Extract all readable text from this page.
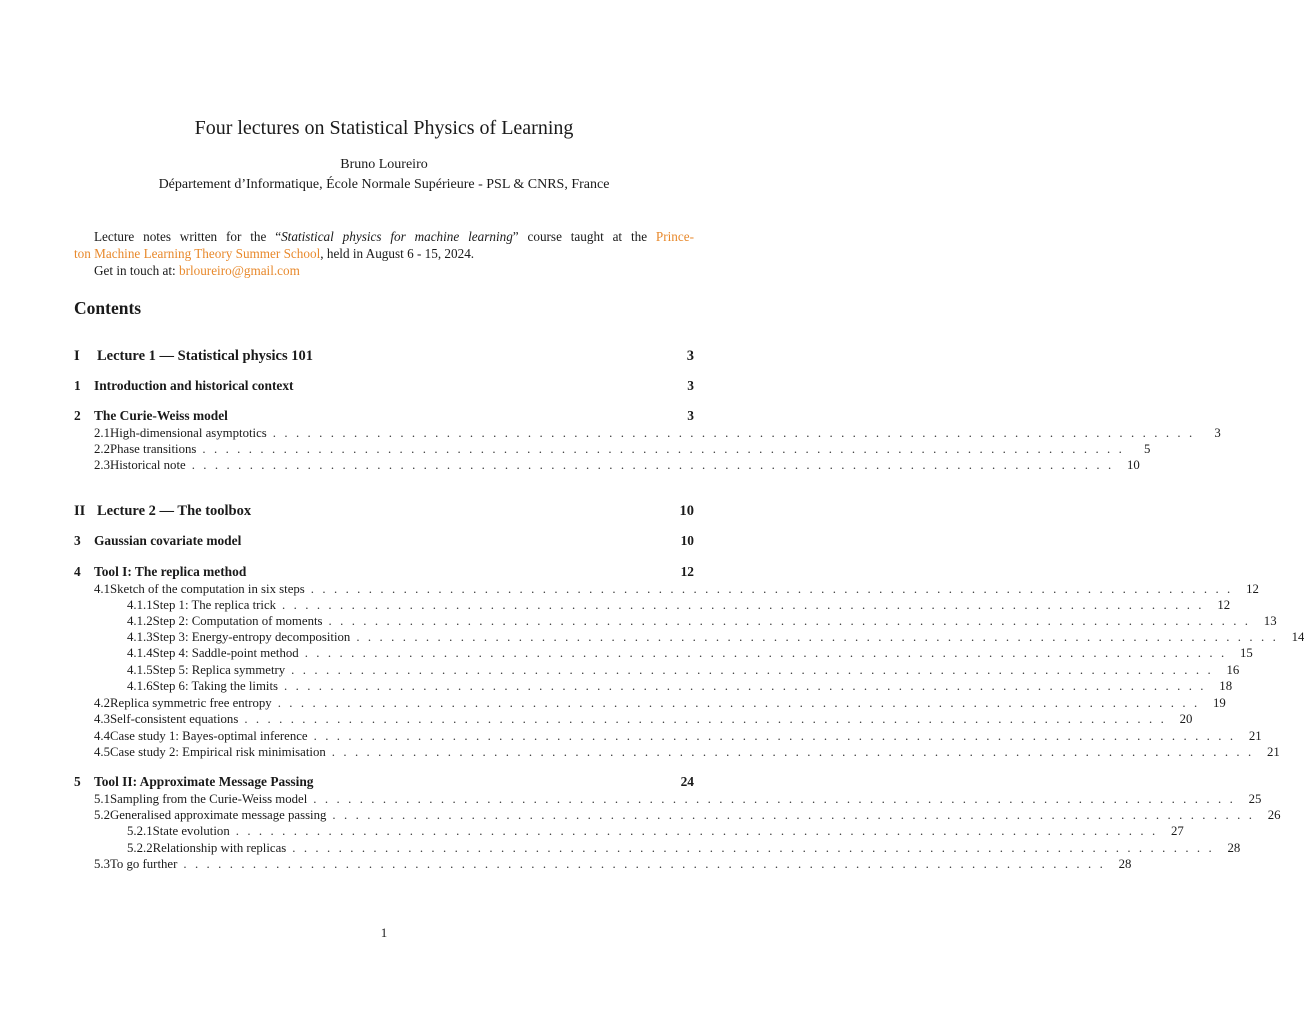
Four lectures on Statistical Physics of Learning
Bruno Loureiro
Département d’Informatique, École Normale Supérieure - PSL & CNRS, France
Lecture notes written for the “Statistical physics for machine learning” course taught at the Prince-
ton Machine Learning Theory Summer School, held in August 6 - 15, 2024.
Get in touch at: brloureiro@gmail.com
Contents
I	Lecture 1 — Statistical physics 101	3
1 Introduction and historical context	3
2 The Curie-Weiss model	3
2.1 High-dimensional asymptotics . . . . . . . . . . . . . . . . . . . . . . . . . . . . . . . . . . . . . . . . . . . . . . . . . . . . . . . . . . . . . . . . . . . . . . . . . . . . . . . .	3
2.2 Phase transitions . . . . . . . . . . . . . . . . . . . . . . . . . . . . . . . . . . . . . . . . . . . . . . . . . . . . . . . . . . . . . . . . . . . . . . . . . . . . . . . .	5
2.3 Historical note . . . . . . . . . . . . . . . . . . . . . . . . . . . . . . . . . . . . . . . . . . . . . . . . . . . . . . . . . . . . . . . . . . . . . . . . . . . . . . . .	10
II Lecture 2 — The toolbox	10
3 Gaussian covariate model	10
4 Tool I: The replica method	12
4.1 Sketch of the computation in six steps . . . . . . . . . . . . . . . . . . . . . . . . . . . . . . . . . . . . . . . . . . . . . . . . . . . . . . . . . . . . . . . . . . . . . . . . . . . . . . . .	12
4.1.1 Step 1: The replica trick . . . . . . . . . . . . . . . . . . . . . . . . . . . . . . . . . . . . . . . . . . . . . . . . . . . . . . . . . . . . . . . . . . . . . . . . . . . . . . . .	12
4.1.2 Step 2: Computation of moments . . . . . . . . . . . . . . . . . . . . . . . . . . . . . . . . . . . . . . . . . . . . . . . . . . . . . . . . . . . . . . . . . . . . . . . . . . . . . . . .	13
4.1.3 Step 3: Energy-entropy decomposition . . . . . . . . . . . . . . . . . . . . . . . . . . . . . . . . . . . . . . . . . . . . . . . . . . . . . . . . . . . . . . . . . . . . . . . . . . . . . . . .	14
4.1.4 Step 4: Saddle-point method . . . . . . . . . . . . . . . . . . . . . . . . . . . . . . . . . . . . . . . . . . . . . . . . . . . . . . . . . . . . . . . . . . . . . . . . . . . . . . . .	15
4.1.5 Step 5: Replica symmetry . . . . . . . . . . . . . . . . . . . . . . . . . . . . . . . . . . . . . . . . . . . . . . . . . . . . . . . . . . . . . . . . . . . . . . . . . . . . . . . .	16
4.1.6 Step 6: Taking the limits . . . . . . . . . . . . . . . . . . . . . . . . . . . . . . . . . . . . . . . . . . . . . . . . . . . . . . . . . . . . . . . . . . . . . . . . . . . . . . . .	18
4.2 Replica symmetric free entropy . . . . . . . . . . . . . . . . . . . . . . . . . . . . . . . . . . . . . . . . . . . . . . . . . . . . . . . . . . . . . . . . . . . . . . . . . . . . . . . .	19
4.3 Self-consistent equations . . . . . . . . . . . . . . . . . . . . . . . . . . . . . . . . . . . . . . . . . . . . . . . . . . . . . . . . . . . . . . . . . . . . . . . . . . . . . . . .	20
4.4 Case study 1: Bayes-optimal inference . . . . . . . . . . . . . . . . . . . . . . . . . . . . . . . . . . . . . . . . . . . . . . . . . . . . . . . . . . . . . . . . . . . . . . . . . . . . . . . .	21
4.5 Case study 2: Empirical risk minimisation . . . . . . . . . . . . . . . . . . . . . . . . . . . . . . . . . . . . . . . . . . . . . . . . . . . . . . . . . . . . . . . . . . . . . . . . . . . . . . . .	21
5 Tool II: Approximate Message Passing	24
5.1 Sampling from the Curie-Weiss model . . . . . . . . . . . . . . . . . . . . . . . . . . . . . . . . . . . . . . . . . . . . . . . . . . . . . . . . . . . . . . . . . . . . . . . . . . . . . . . .	25
5.2 Generalised approximate message passing . . . . . . . . . . . . . . . . . . . . . . . . . . . . . . . . . . . . . . . . . . . . . . . . . . . . . . . . . . . . . . . . . . . . . . . . . . . . . . . .	26
5.2.1 State evolution . . . . . . . . . . . . . . . . . . . . . . . . . . . . . . . . . . . . . . . . . . . . . . . . . . . . . . . . . . . . . . . . . . . . . . . . . . . . . . . .	27
5.2.2 Relationship with replicas . . . . . . . . . . . . . . . . . . . . . . . . . . . . . . . . . . . . . . . . . . . . . . . . . . . . . . . . . . . . . . . . . . . . . . . . . . . . . . . .	28
5.3 To go further . . . . . . . . . . . . . . . . . . . . . . . . . . . . . . . . . . . . . . . . . . . . . . . . . . . . . . . . . . . . . . . . . . . . . . . . . . . . . . . .	28
1
